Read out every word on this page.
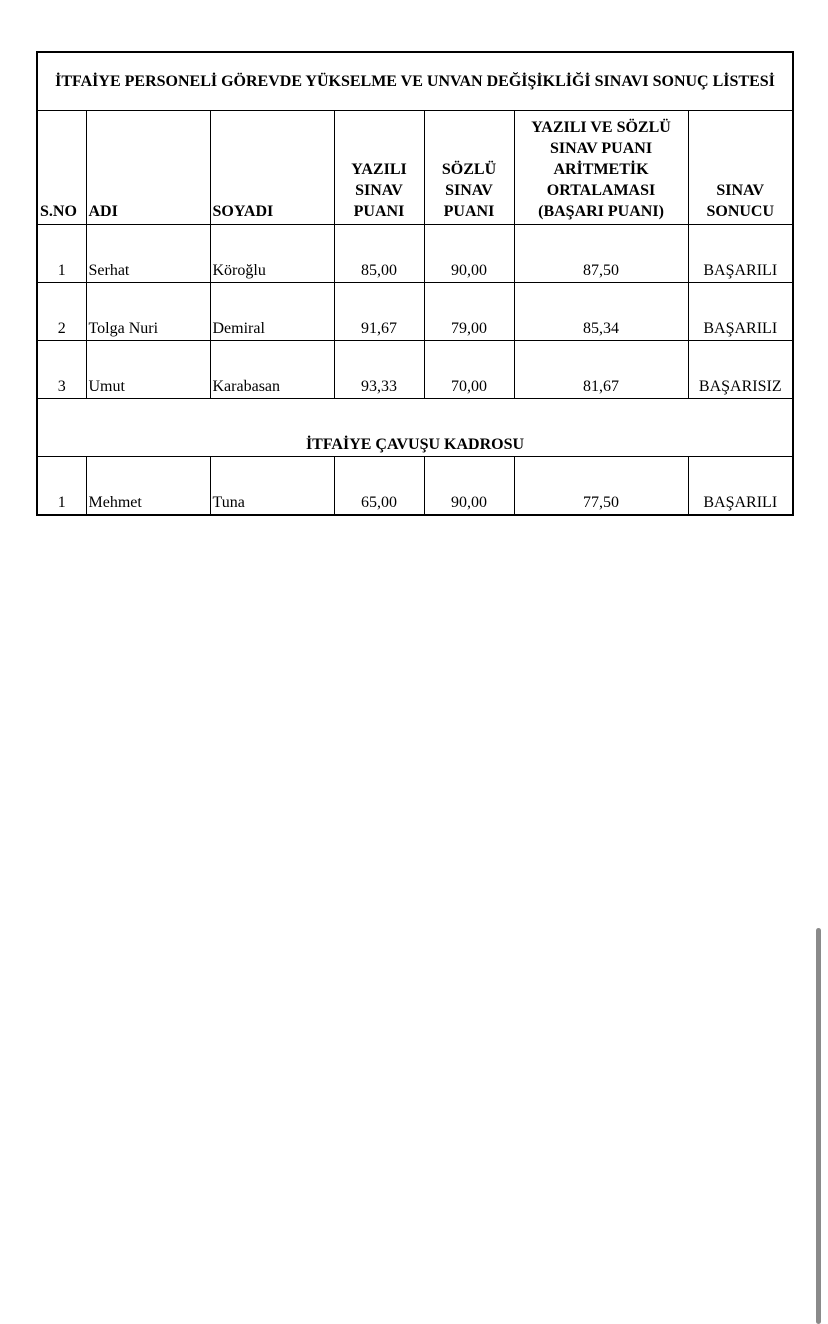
İTFAİYE PERSONELİ GÖREVDE YÜKSELME VE UNVAN DEĞİŞİKLİĞİ SINAVI SONUÇ LİSTESİ						
S.NO	ADI	SOYADI	YAZILI
SINAV
PUANI	SÖZLÜ
SINAV
PUANI	YAZILI VE SÖZLÜ
SINAV PUANI
ARİTMETİK
ORTALAMASI
(BAŞARI PUANI)	SINAV
SONUCU
1	Serhat	Köroğlu	85,00	90,00	87,50	BAŞARILI
2	Tolga Nuri	Demiral	91,67	79,00	85,34	BAŞARILI
3	Umut	Karabasan	93,33	70,00	81,67	BAŞARISIZ
İTFAİYE ÇAVUŞU KADROSU						
1	Mehmet	Tuna	65,00	90,00	77,50	BAŞARILI
